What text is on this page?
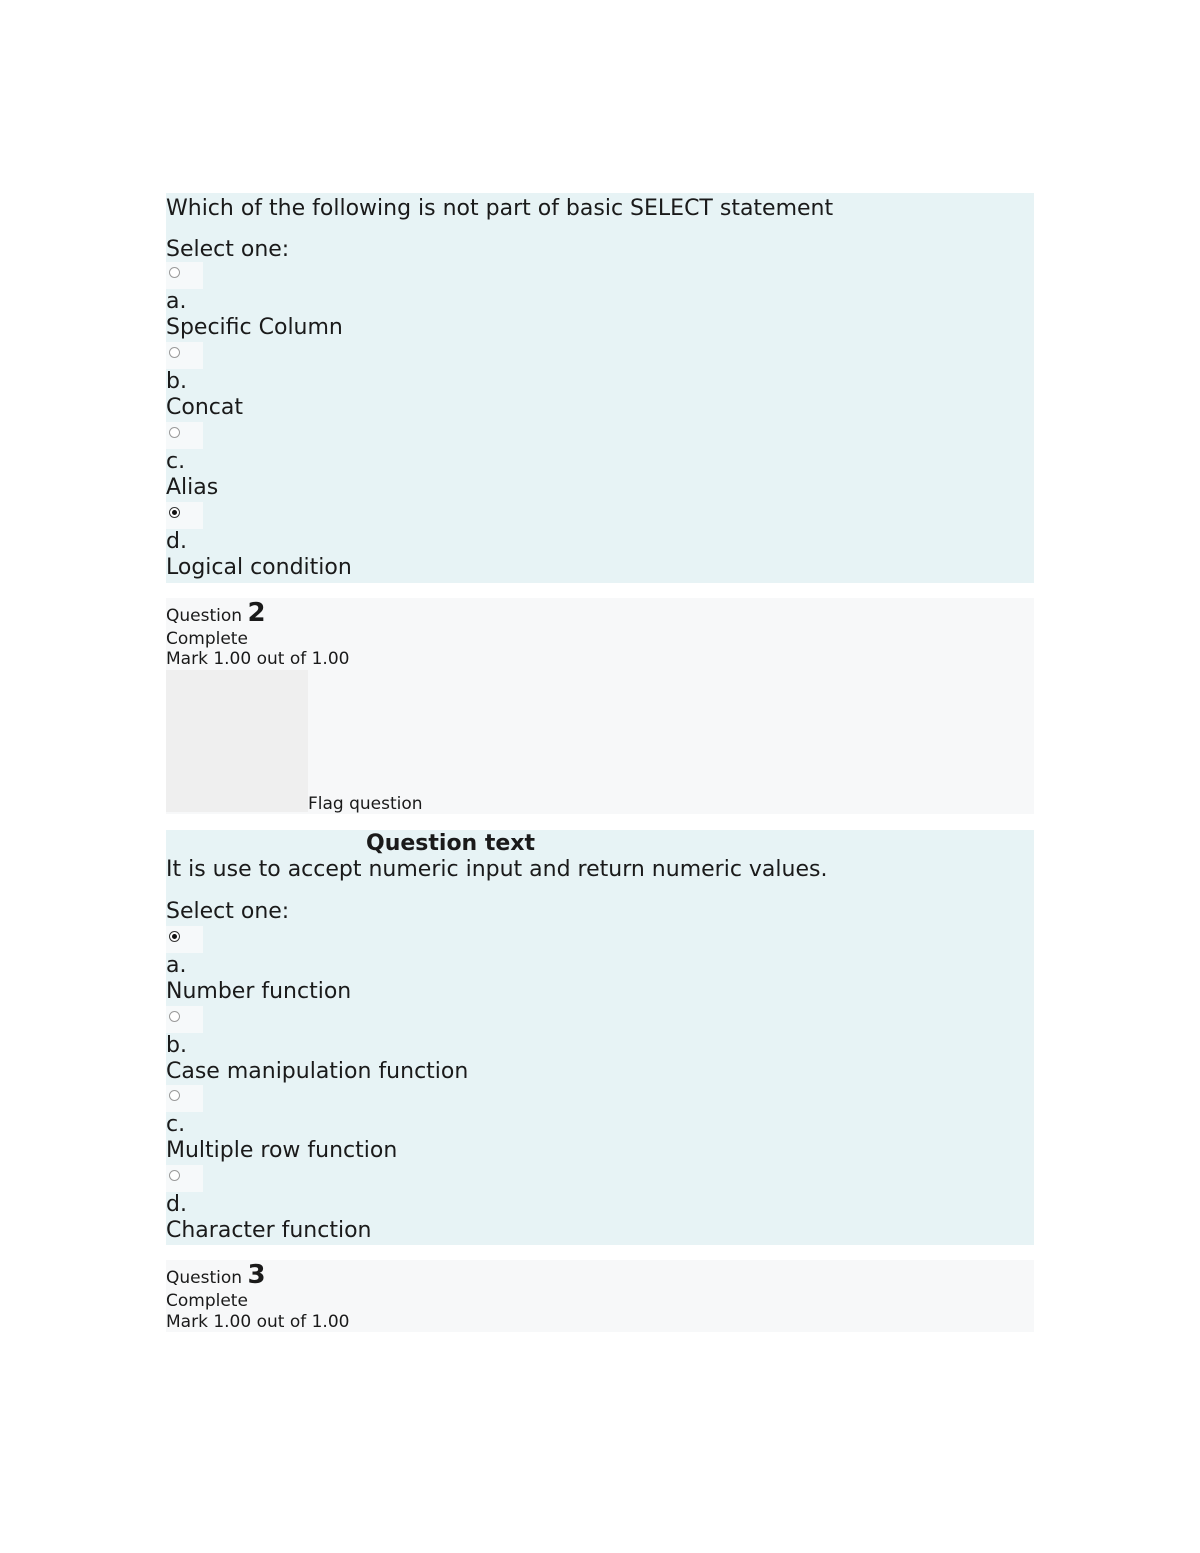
Which of the following is not part of basic SELECT statement
Select one:
a.
Specific Column
b.
Concat
c.
Alias
d.
Logical condition
Question 2
Complete
Mark 1.00 out of 1.00
Flag question
Question text
It is use to accept numeric input and return numeric values.
Select one:
a.
Number function
b.
Case manipulation function
c.
Multiple row function
d.
Character function
Question 3
Complete
Mark 1.00 out of 1.00
